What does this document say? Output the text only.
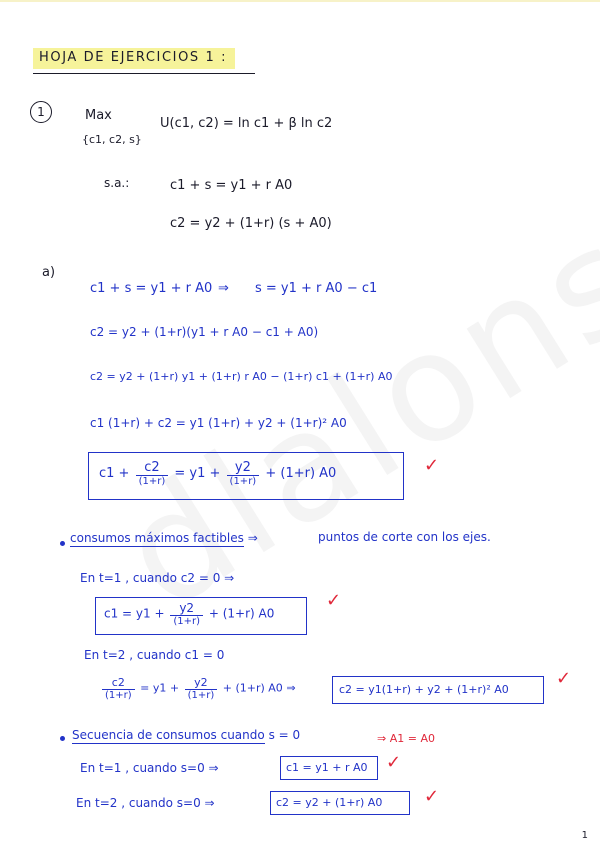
HOJA DE EJERCICIOS 1 :
1	Max
{c1, c2, s}
U(c1, c2) = ln c1 + β ln c2
s.a.:	c1 + s = y1 + r A0
c2 = y2 + (1+r) (s + A0)
a)
c1 + s = y1 + r A0 ⇒ s = y1 + r A0 − c1
c2 = y2 + (1+r)(y1 + r A0 − c1 + A0)
c2 = y2 + (1+r) y1 + (1+r) r A0 − (1+r) c1 + (1+r) A0
c1 (1+r) + c2 = y1 (1+r) + y2 + (1+r)² A0
$c1 + \frac{c2}{(1+r)} = y1 + \frac{y2}{(1+r)} + (1+r)$ A0	✓
consumos máximos factibles ⇒	puntos de corte con los ejes.
En t=1 , cuando c2 = 0 ⇒
$c1 = y1 + \frac{y2}{(1+r)} + (1+r)$ A0
✓
En t=2 , cuando c1 = 0
$\frac{c2}{(1+r)} = y1 + \frac{y2}{(1+r)} + (1+r)$ A0 ⇒	c2 = y1(1+r) + y2 + (1+r)² A0
✓
Secuencia de consumos cuando s = 0	⇒ A1 = A0
En t=1 , cuando s=0 ⇒	c1 = y1 + r A0 ✓
En t=2 , cuando s=0 ⇒	c2 = y2 + (1+r) A0 ✓
1
